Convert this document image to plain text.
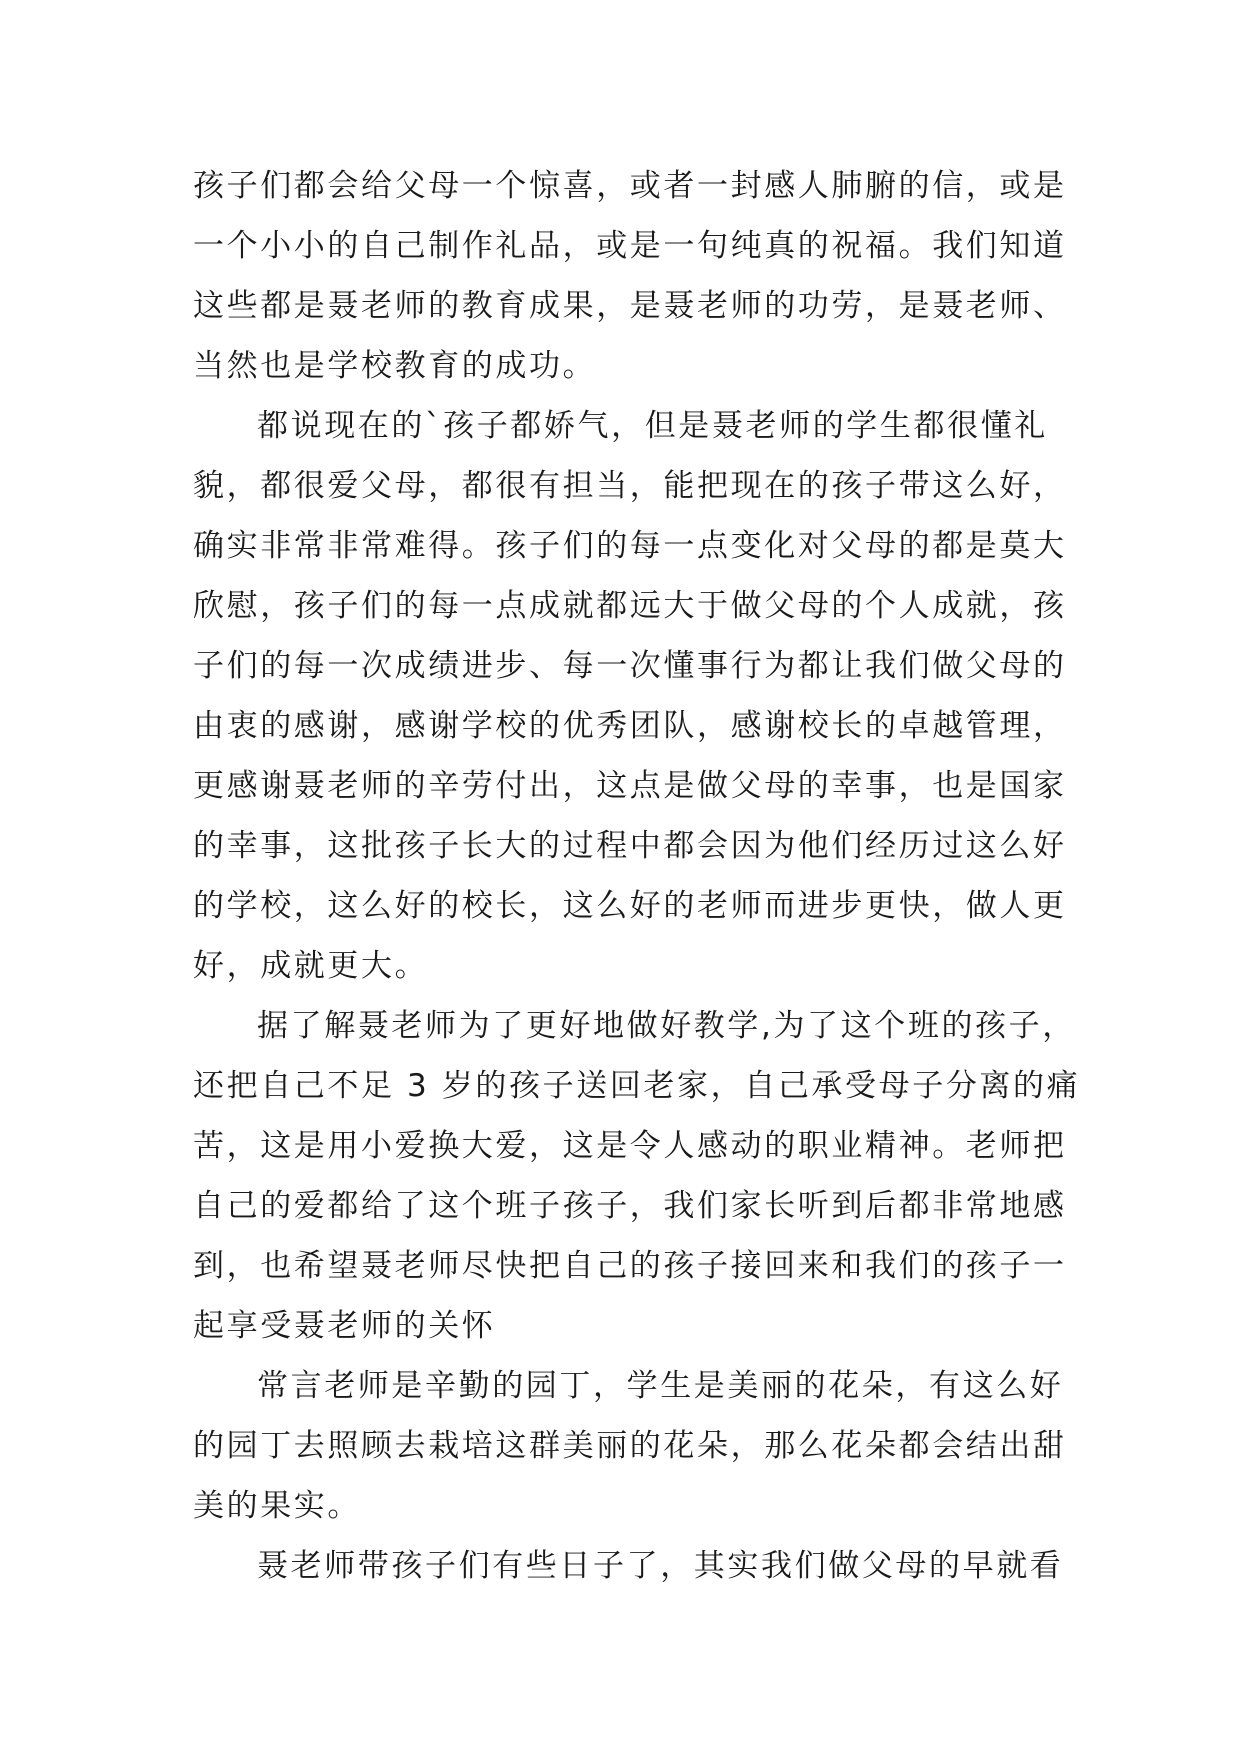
孩子们都会给父母一个惊喜，或者一封感人肺腑的信，或是
一个小小的自己制作礼品，或是一句纯真的祝福。我们知道
这些都是聂老师的教育成果，是聂老师的功劳，是聂老师、
当然也是学校教育的成功。
都说现在的`孩子都娇气，但是聂老师的学生都很懂礼
貌，都很爱父母，都很有担当，能把现在的孩子带这么好，
确实非常非常难得。孩子们的每一点变化对父母的都是莫大
欣慰，孩子们的每一点成就都远大于做父母的个人成就，孩
子们的每一次成绩进步、每一次懂事行为都让我们做父母的
由衷的感谢，感谢学校的优秀团队，感谢校长的卓越管理，
更感谢聂老师的辛劳付出，这点是做父母的幸事，也是国家
的幸事，这批孩子长大的过程中都会因为他们经历过这么好
的学校，这么好的校长，这么好的老师而进步更快，做人更
好，成就更大。
据了解聂老师为了更好地做好教学,为了这个班的孩子，
还把自己不足 3 岁的孩子送回老家，自己承受母子分离的痛
苦，这是用小爱换大爱，这是令人感动的职业精神。老师把
自己的爱都给了这个班子孩子，我们家长听到后都非常地感
到，也希望聂老师尽快把自己的孩子接回来和我们的孩子一
起享受聂老师的关怀
常言老师是辛勤的园丁，学生是美丽的花朵，有这么好
的园丁去照顾去栽培这群美丽的花朵，那么花朵都会结出甜
美的果实。
聂老师带孩子们有些日子了，其实我们做父母的早就看
